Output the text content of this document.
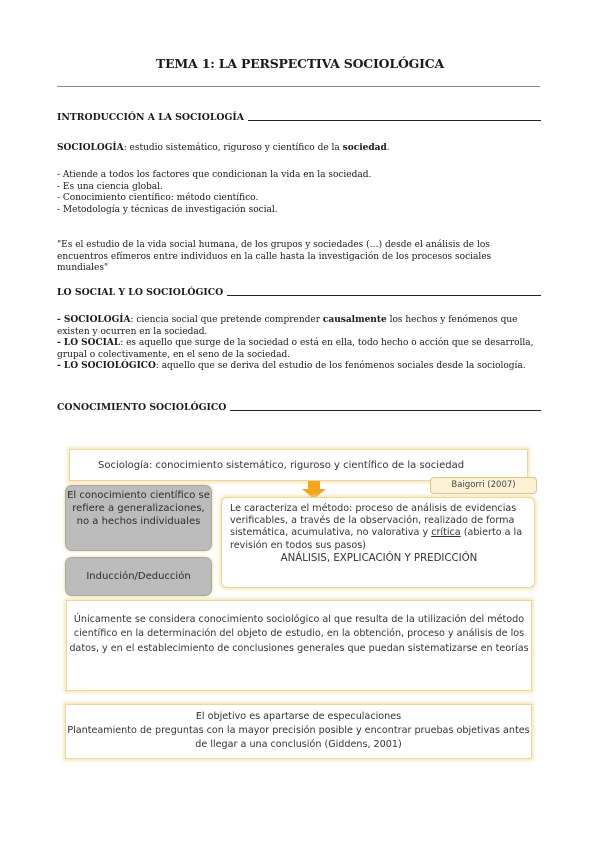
TEMA 1: LA PERSPECTIVA SOCIOLÓGICA
INTRODUCCIÓN A LA SOCIOLOGÍA

SOCIOLOGÍA: estudio sistemático, riguroso y científico de la sociedad.

- Atiende a todos los factores que condicionan la vida en la sociedad.

- Es una ciencia global.

- Conocimiento científico: método científico.

- Metodología y técnicas de investigación social.

"Es el estudio de la vida social humana, de los grupos y sociedades (…) desde el análisis de los encuentros efímeros entre individuos en la calle hasta la investigación de los procesos sociales mundiales"
LO SOCIAL Y LO SOCIOLÓGICO

- SOCIOLOGÍA: ciencia social que pretende comprender causalmente los hechos y fenómenos que existen y ocurren en la sociedad.

- LO SOCIAL: es aquello que surge de la sociedad o está en ella, todo hecho o acción que se desarrolla, grupal o colectivamente, en el seno de la sociedad.

- LO SOCIOLÓGICO: aquello que se deriva del estudio de los fenómenos sociales desde la sociología.

CONOCIMIENTO SOCIOLÓGICO
Sociología: conocimiento sistemático, riguroso y científico de la sociedad
El conocimiento científico se refiere a generalizaciones, no a hechos individuales
Inducción/Deducción
Le caracteriza el método: proceso de análisis de evidencias verificables, a través de la observación, realizado de forma sistemática, acumulativa, no valorativa y crítica (abierto a la revisión en todos sus pasos)
ANÁLISIS, EXPLICACIÓN Y PREDICCIÓN
Baigorri (2007)
Únicamente se considera conocimiento sociológico al que resulta de la utilización del método científico en la determinación del objeto de estudio, en la obtención, proceso y análisis de los datos, y en el establecimiento de conclusiones generales que puedan sistematizarse en teorías
El objetivo es apartarse de especulaciones
Planteamiento de preguntas con la mayor precisión posible y encontrar pruebas objetivas antes de llegar a una conclusión (Giddens, 2001)
